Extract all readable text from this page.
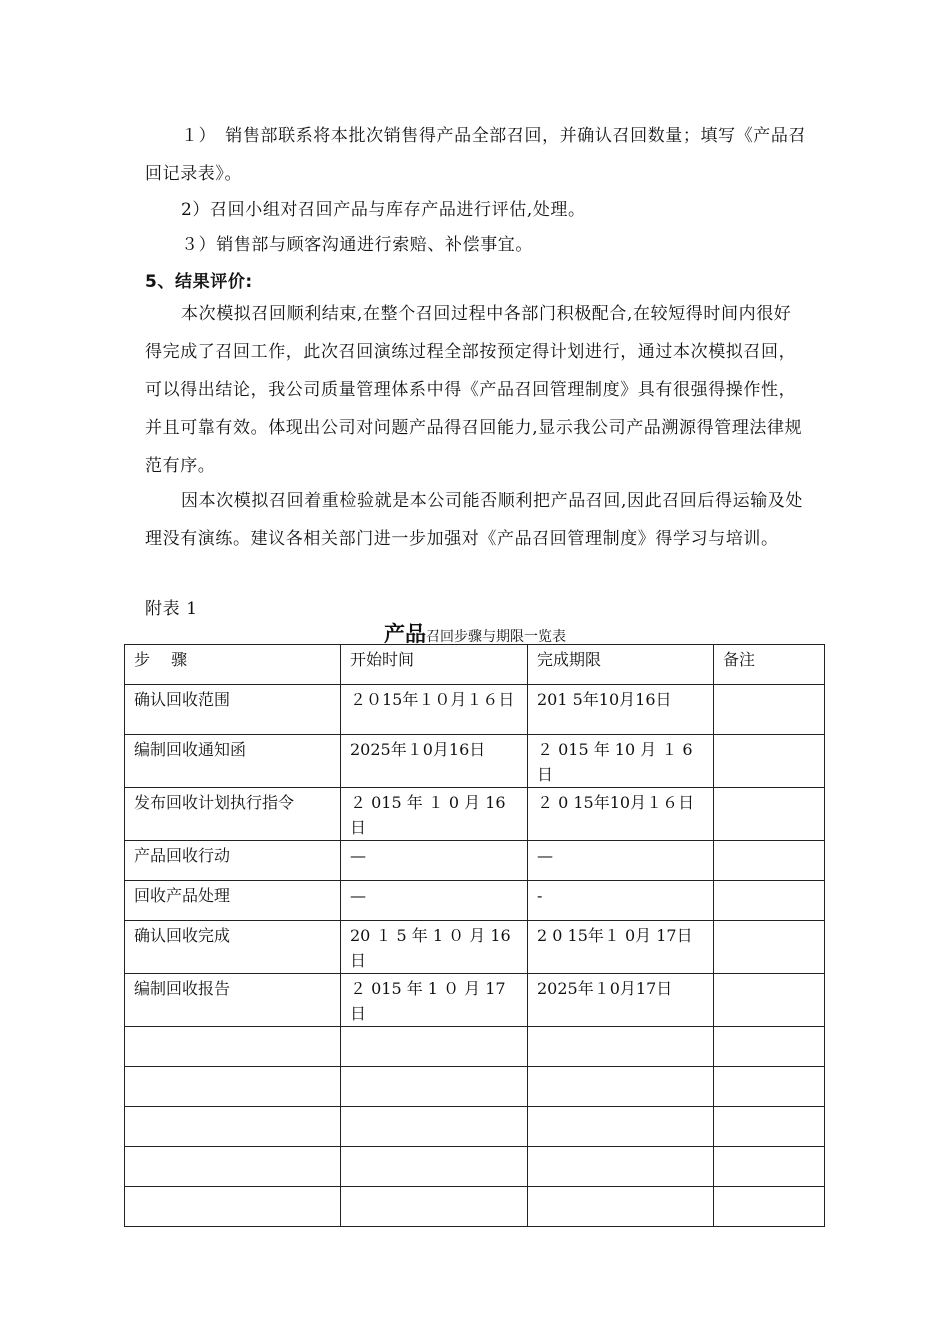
１）　销售部联系将本批次销售得产品全部召回，并确认召回数量；填写《产品召回记录表》。

2）召回小组对召回产品与库存产品进行评估,处理。

３）销售部与顾客沟通进行索赔、补偿事宜。

5、结果评价:

本次模拟召回顺利结束,在整个召回过程中各部门积极配合,在较短得时间内很好得完成了召回工作，此次召回演练过程全部按预定得计划进行，通过本次模拟召回，可以得出结论，我公司质量管理体系中得《产品召回管理制度》具有很强得操作性，并且可靠有效。体现出公司对问题产品得召回能力,显示我公司产品溯源得管理法律规范有序。

因本次模拟召回着重检验就是本公司能否顺利把产品召回,因此召回后得运输及处理没有演练。建议各相关部门进一步加强对《产品召回管理制度》得学习与培训。

附表 1

产品召回步骤与期限一览表
步　 骤	开始时间	完成期限	备注
确认回收范围	２０15年１０月１６日	201 5年10月16日	
编制回收通知函	2025年１0月16日	２ 015 年 10 月 １ 6日	
发布回收计划执行指令	２ 015 年 １ 0 月 16日	２ 0 15年10月１６日	
产品回收行动	—	—	
回收产品处理	—	-	
确认回收完成	20 １ 5 年 1 ０ 月 16日	2 0 15年１ 0月 17日	
编制回收报告	２ 015 年 1 ０ 月 17日	2025年１0月17日	
